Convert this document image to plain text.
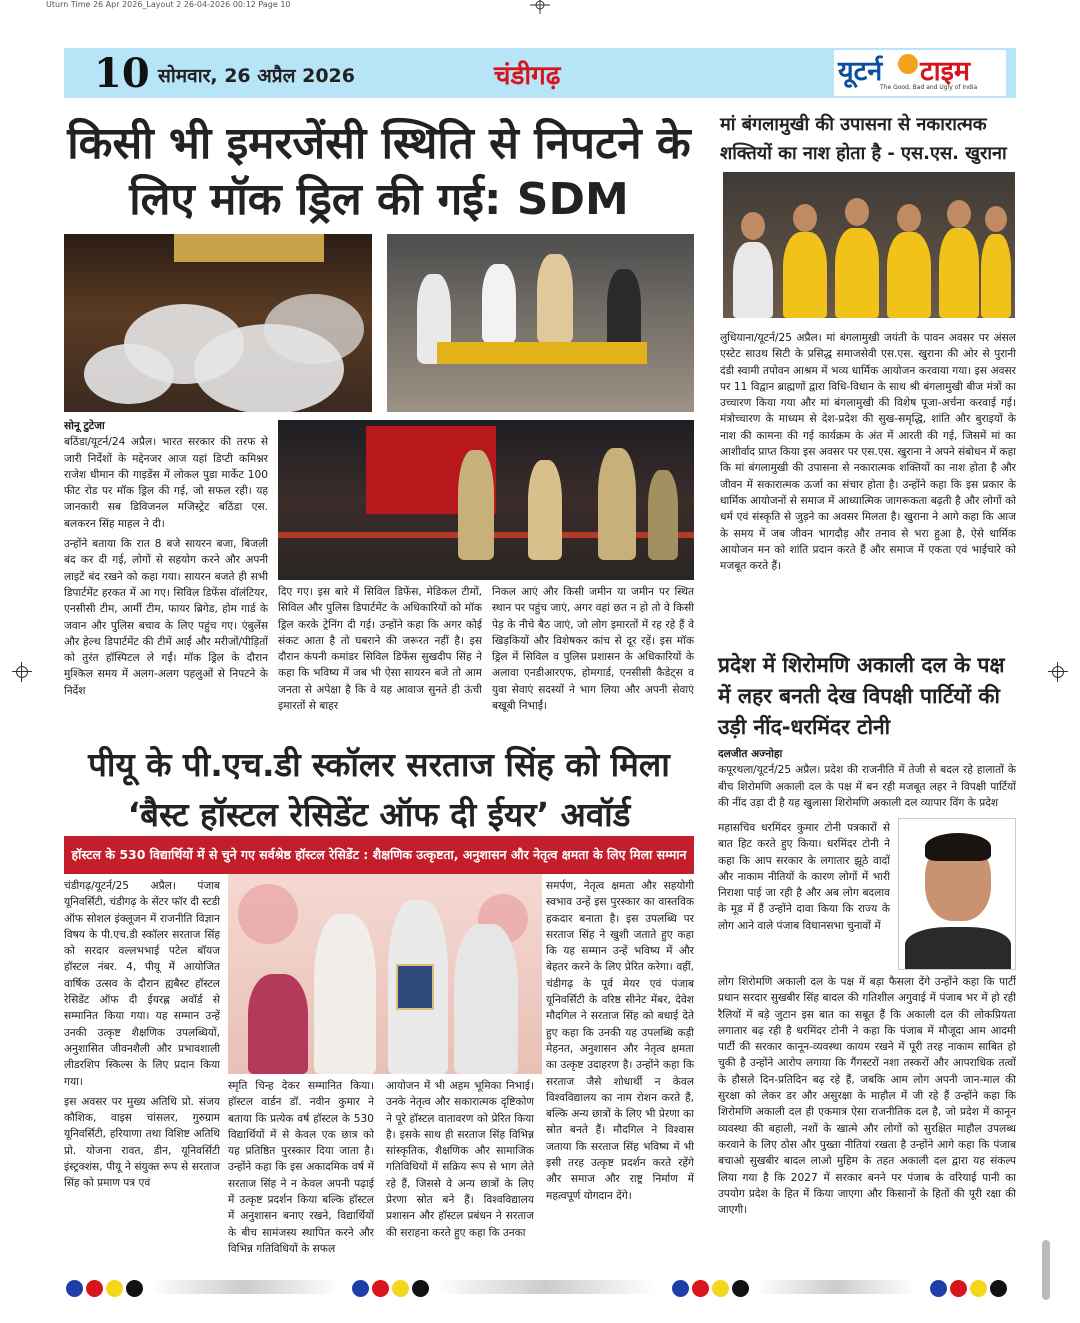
Uturn Time 26 Apr 2026_Layout 2 26-04-2026 00:12 Page 10
10 सोमवार, 26 अप्रैल 2026	चंडीगढ़	यूटर्न टाइम
The Good, Bad and Ugly of India
किसी भी इमरजेंसी स्थिति से निपटने के लिए मॉक ड्रिल की गई: SDM

सोनू टुटेजा

बठिंडा/यूटर्न/24 अप्रैल। भारत सरकार की तरफ से जारी निर्देशों के मद्देनजर आज यहां डिप्टी कमिश्नर राजेश धीमान की गाइडेंस में लोकल पुडा मार्केट 100 फीट रोड पर मॉक ड्रिल की गई, जो सफल रही। यह जानकारी सब डिविजनल मजिस्ट्रेट बठिंडा एस. बलकरन सिंह माहल ने दी।

उन्होंने बताया कि रात 8 बजे सायरन बजा, बिजली बंद कर दी गई, लोगों से सहयोग करने और अपनी लाइटें बंद रखने को कहा गया। सायरन बजते ही सभी डिपार्टमेंट हरकत में आ गए। सिविल डिफेंस वॉलंटियर, एनसीसी टीम, आर्मी टीम, फायर ब्रिगेड, होम गार्ड के जवान और पुलिस बचाव के लिए पहुंच गए। एंबुलेंस और हेल्थ डिपार्टमेंट की टीमें आईं और मरीजों/पीड़ितों को तुरंत हॉस्पिटल ले गईं। मॉक ड्रिल के दौरान मुश्किल समय में अलग-अलग पहलुओं से निपटने के निर्देश

दिए गए। इस बारे में सिविल डिफेंस, मेडिकल टीमों, सिविल और पुलिस डिपार्टमेंट के अधिकारियों को मॉक ड्रिल करके ट्रेनिंग दी गई। उन्होंने कहा कि अगर कोई संकट आता है तो घबराने की जरूरत नहीं है। इस दौरान कंपनी कमांडर सिविल डिफेंस सुखदीप सिंह ने कहा कि भविष्य में जब भी ऐसा सायरन बजे तो आम जनता से अपेक्षा है कि वे यह आवाज सुनते ही ऊंची इमारतों से बाहर
निकल आएं और किसी जमीन या जमीन पर स्थित स्थान पर पहुंच जाएं, अगर वहां छत न हो तो वे किसी पेड़ के नीचे बैठ जाएं, जो लोग इमारतों में रह रहे हैं वे खिड़कियों और विशेषकर कांच से दूर रहें। इस मॉक ड्रिल में सिविल व पुलिस प्रशासन के अधिकारियों के अलावा एनडीआरएफ, होमगार्ड, एनसीसी कैडेट्स व युवा सेवाएं सदस्यों ने भाग लिया और अपनी सेवाएं बखूबी निभाईं।
पीयू के पी.एच.डी स्कॉलर सरताज सिंह को मिला ‘बैस्ट हॉस्टल रेसिडेंट ऑफ दी ईयर’ अवॉर्ड
हॉस्टल के 530 विद्यार्थियों में से चुने गए सर्वश्रेष्ठ हॉस्टल रेसिडेंट : शैक्षणिक उत्कृष्टता, अनुशासन और नेतृत्व क्षमता के लिए मिला सम्मान

चंडीगढ़/यूटर्न/25 अप्रैल। पंजाब यूनिवर्सिटी, चंडीगढ़ के सेंटर फॉर दी स्टडी ऑफ सोशल इंक्लूजन में राजनीति विज्ञान विषय के पी.एच.डी स्कॉलर सरताज सिंह को सरदार वल्लभभाई पटेल बॉयज हॉस्टल नंबर. 4, पीयू में आयोजित वार्षिक उत्सव के दौरान ह्यबैस्ट हॉस्टल रेसिडेंट ऑफ दी ईयरह्ण अवॉर्ड से सम्मानित किया गया। यह सम्मान उन्हें उनकी उत्कृष्ट शैक्षणिक उपलब्धियों, अनुशासित जीवनशैली और प्रभावशाली लीडरशिप स्किल्स के लिए प्रदान किया गया।

इस अवसर पर मुख्य अतिथि प्रो. संजय कौशिक, वाइस चांसलर, गुरुग्राम यूनिवर्सिटी, हरियाणा तथा विशिष्ट अतिथि प्रो. योजना रावत, डीन, यूनिवर्सिटी इंस्ट्रक्शंस, पीयू ने संयुक्त रूप से सरताज सिंह को प्रमाण पत्र एवं

स्मृति चिन्ह देकर सम्मानित किया। हॉस्टल वार्डन डॉ. नवीन कुमार ने बताया कि प्रत्येक वर्ष हॉस्टल के 530 विद्यार्थियों में से केवल एक छात्र को यह प्रतिष्ठित पुरस्कार दिया जाता है। उन्होंने कहा कि इस अकादमिक वर्ष में सरताज सिंह ने न केवल अपनी पढ़ाई में उत्कृष्ट प्रदर्शन किया बल्कि हॉस्टल में अनुशासन बनाए रखने, विद्यार्थियों के बीच सामंजस्य स्थापित करने और विभिन्न गतिविधियों के सफल
आयोजन में भी अहम भूमिका निभाई। उनके नेतृत्व और सकारात्मक दृष्टिकोण ने पूरे हॉस्टल वातावरण को प्रेरित किया है। इसके साथ ही सरताज सिंह विभिन्न सांस्कृतिक, शैक्षणिक और सामाजिक गतिविधियों में सक्रिय रूप से भाग लेते रहे हैं, जिससे वे अन्य छात्रों के लिए प्रेरणा स्रोत बने हैं। विश्वविद्यालय प्रशासन और हॉस्टल प्रबंधन ने सरताज की सराहना करते हुए कहा कि उनका
समर्पण, नेतृत्व क्षमता और सहयोगी स्वभाव उन्हें इस पुरस्कार का वास्तविक हकदार बनाता है। इस उपलब्धि पर सरताज सिंह ने खुशी जताते हुए कहा कि यह सम्मान उन्हें भविष्य में और बेहतर करने के लिए प्रेरित करेगा। वहीं, चंडीगढ़ के पूर्व मेयर एवं पंजाब यूनिवर्सिटी के वरिष्ठ सीनेट मेंबर, देवेश मौदगिल ने सरताज सिंह को बधाई देते हुए कहा कि उनकी यह उपलब्धि कड़ी मेहनत, अनुशासन और नेतृत्व क्षमता का उत्कृष्ट उदाहरण है। उन्होंने कहा कि सरताज जैसे शोधार्थी न केवल विश्वविद्यालय का नाम रोशन करते हैं, बल्कि अन्य छात्रों के लिए भी प्रेरणा का स्रोत बनते हैं। मौदगिल ने विश्वास जताया कि सरताज सिंह भविष्य में भी इसी तरह उत्कृष्ट प्रदर्शन करते रहेंगे और समाज और राष्ट्र निर्माण में महत्वपूर्ण योगदान देंगे।
मां बंगलामुखी की उपासना से नकारात्मक शक्तियों का नाश होता है - एस.एस. खुराना
लुधियाना/यूटर्न/25 अप्रैल। मां बंगलामुखी जयंती के पावन अवसर पर अंसल एस्टेट साउथ सिटी के प्रसिद्ध समाजसेवी एस.एस. खुराना की ओर से पुरानी दंडी स्वामी तपोवन आश्रम में भव्य धार्मिक आयोजन करवाया गया। इस अवसर पर 11 विद्वान ब्राह्मणों द्वारा विधि-विधान के साथ श्री बंगलामुखी बीज मंत्रों का उच्चारण किया गया और मां बंगलामुखी की विशेष पूजा-अर्चना करवाई गई। मंत्रोच्चारण के माध्यम से देश-प्रदेश की सुख-समृद्धि, शांति और बुराइयों के नाश की कामना की गई कार्यक्रम के अंत में आरती की गई, जिसमें मां का आशीर्वाद प्राप्त किया इस अवसर पर एस.एस. खुराना ने अपने संबोधन में कहा कि मां बंगलामुखी की उपासना से नकारात्मक शक्तियों का नाश होता है और जीवन में सकारात्मक ऊर्जा का संचार होता है। उन्होंने कहा कि इस प्रकार के धार्मिक आयोजनों से समाज में आध्यात्मिक जागरूकता बढ़ती है और लोगों को धर्म एवं संस्कृति से जुड़ने का अवसर मिलता है। खुराना ने आगे कहा कि आज के समय में जब जीवन भागदौड़ और तनाव से भरा हुआ है, ऐसे धार्मिक आयोजन मन को शांति प्रदान करते हैं और समाज में एकता एवं भाईचारे को मजबूत करते हैं।
प्रदेश में शिरोमणि अकाली दल के पक्ष में लहर बनती देख विपक्षी पार्टियों की उड़ी नींद-धरमिंदर टोनी

दलजीत अज्नोहा

कपूरथला/यूटर्न/25 अप्रैल। प्रदेश की राजनीति में तेजी से बदल रहे हालातों के बीच शिरोमणि अकाली दल के पक्ष में बन रही मजबूत लहर ने विपक्षी पार्टियों की नींद उड़ा दी है यह खुलासा शिरोमणि अकाली दल व्यापार विंग के प्रदेश

महासचिव धरमिंदर कुमार टोनी पत्रकारों से बात हिट करते हुए किया। धरमिंदर टोनी ने कहा कि आप सरकार के लगातार झूठे वादों और नाकाम नीतियों के कारण लोगों में भारी निराशा पाई जा रही है और अब लोग बदलाव के मूड में हैं उन्होंने दावा किया कि राज्य के लोग आने वाले पंजाब विधानसभा चुनावों में
लोग शिरोमणि अकाली दल के पक्ष में बड़ा फैसला देंगे उन्होंने कहा कि पार्टी प्रधान सरदार सुखबीर सिंह बादल की गतिशील अगुवाई में पंजाब भर में हो रही रैलियों में बड़े जुटान इस बात का सबूत हैं कि अकाली दल की लोकप्रियता लगातार बढ़ रही है धरमिंदर टोनी ने कहा कि पंजाब में मौजूदा आम आदमी पार्टी की सरकार कानून-व्यवस्था कायम रखने में पूरी तरह नाकाम साबित हो चुकी है उन्होंने आरोप लगाया कि गैंगस्टरों नशा तस्करों और आपराधिक तत्वों के हौसले दिन-प्रतिदिन बढ़ रहे हैं, जबकि आम लोग अपनी जान-माल की सुरक्षा को लेकर डर और असुरक्षा के माहौल में जी रहे हैं उन्होंने कहा कि शिरोमणि अकाली दल ही एकमात्र ऐसा राजनीतिक दल है, जो प्रदेश में कानून व्यवस्था की बहाली, नशों के खात्मे और लोगों को सुरक्षित माहौल उपलब्ध करवाने के लिए ठोस और पुख्ता नीतियां रखता है उन्होंने आगे कहा कि पंजाब बचाओ सुखबीर बादल लाओ मुहिम के तहत अकाली दल द्वारा यह संकल्प लिया गया है कि 2027 में सरकार बनने पर पंजाब के वरियाई पानी का उपयोग प्रदेश के हित में किया जाएगा और किसानों के हितों की पूरी रक्षा की जाएगी।
